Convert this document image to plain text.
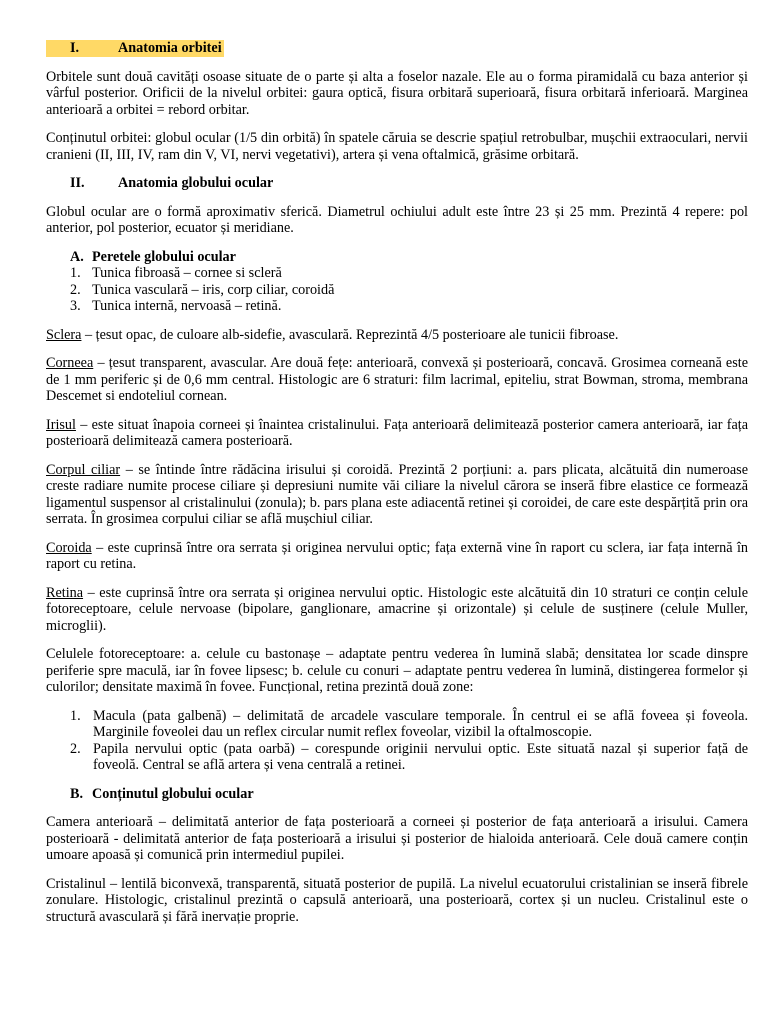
I.	Anatomia orbitei

Orbitele sunt două cavități osoase situate de o parte și alta a foselor nazale. Ele au o forma piramidală cu baza anterior și vârful posterior. Orificii de la nivelul orbitei: gaura optică, fisura orbitară superioară, fisura orbitară inferioară. Marginea anterioară a orbitei = rebord orbitar.

Conținutul orbitei: globul ocular (1/5 din orbită) în spatele căruia se descrie spațiul retrobulbar, mușchii extraoculari, nervii cranieni (II, III, IV, ram din V, VI, nervi vegetativi), artera și vena oftalmică, grăsime orbitară.

II.	Anatomia globului ocular

Globul ocular are o formă aproximativ sferică. Diametrul ochiului adult este între 23 și 25 mm. Prezintă 4 repere: pol anterior, pol posterior, ecuator și meridiane.

A. Peretele globului ocular
1. Tunica fibroasă – cornee si scleră
2. Tunica vasculară – iris, corp ciliar, coroidă
3. Tunica internă, nervoasă – retină.

Sclera – țesut opac, de culoare alb-sidefie, avasculară. Reprezintă 4/5 posterioare ale tunicii fibroase.

Corneea – țesut transparent, avascular. Are două fețe: anterioară, convexă și posterioară, concavă. Grosimea corneană este de 1 mm periferic și de 0,6 mm central. Histologic are 6 straturi: film lacrimal, epiteliu, strat Bowman, stroma, membrana Descemet si endoteliul cornean.

Irisul – este situat înapoia corneei și înaintea cristalinului. Fața anterioară delimitează posterior camera anterioară, iar fața posterioară delimitează camera posterioară.

Corpul ciliar – se întinde între rădăcina irisului și coroidă. Prezintă 2 porțiuni: a. pars plicata, alcătuită din numeroase creste radiare numite procese ciliare și depresiuni numite văi ciliare la nivelul cărora se inseră fibre elastice ce formează ligamentul suspensor al cristalinului (zonula); b. pars plana este adiacentă retinei și coroidei, de care este despărțită prin ora serrata. În grosimea corpului ciliar se află mușchiul ciliar.

Coroida – este cuprinsă între ora serrata și originea nervului optic; fața externă vine în raport cu sclera, iar fața internă în raport cu retina.

Retina – este cuprinsă între ora serrata și originea nervului optic. Histologic este alcătuită din 10 straturi ce conțin celule fotoreceptoare, celule nervoase (bipolare, ganglionare, amacrine și orizontale) și celule de susținere (celule Muller, microglii).

Celulele fotoreceptoare: a. celule cu bastonașe – adaptate pentru vederea în lumină slabă; densitatea lor scade dinspre periferie spre maculă, iar în fovee lipsesc; b. celule cu conuri – adaptate pentru vederea în lumină, distingerea formelor și culorilor; densitate maximă în fovee. Funcțional, retina prezintă două zone:

1. Macula (pata galbenă) – delimitată de arcadele vasculare temporale. În centrul ei se află foveea și foveola. Marginile foveolei dau un reflex circular numit reflex foveolar, vizibil la oftalmoscopie.
2. Papila nervului optic (pata oarbă) – corespunde originii nervului optic. Este situată nazal și superior față de foveolă. Central se află artera și vena centrală a retinei.
B. Conținutul globului ocular

Camera anterioară – delimitată anterior de fața posterioară a corneei și posterior de fața anterioară a irisului. Camera posterioară - delimitată anterior de fața posterioară a irisului și posterior de hialoida anterioară. Cele două camere conțin umoare apoasă și comunică prin intermediul pupilei.

Cristalinul – lentilă biconvexă, transparentă, situată posterior de pupilă. La nivelul ecuatorului cristalinian se inseră fibrele zonulare. Histologic, cristalinul prezintă o capsulă anterioară, una posterioară, cortex și un nucleu. Cristalinul este o structură avasculară și fără inervație proprie.
